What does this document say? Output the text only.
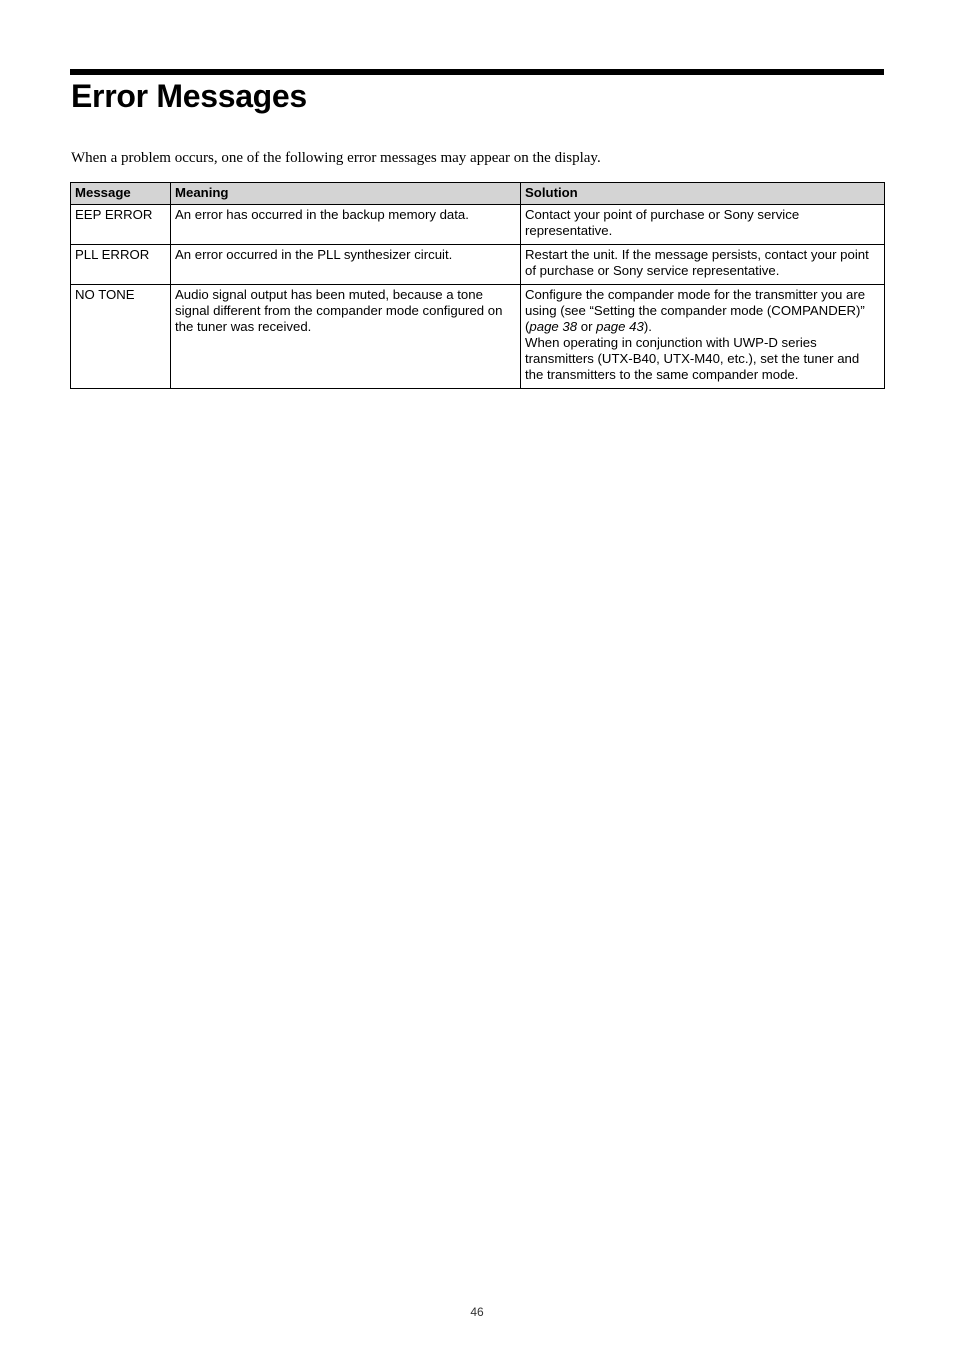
Error Messages

When a problem occurs, one of the following error messages may appear on the display.

Message	Meaning	Solution
EEP ERROR	An error has occurred in the backup memory data.	Contact your point of purchase or Sony service representative.
PLL ERROR	An error occurred in the PLL synthesizer circuit.	Restart the unit. If the message persists, contact your point of purchase or Sony service representative.
NO TONE	Audio signal output has been muted, because a tone signal different from the compander mode configured on the tuner was received.	Configure the compander mode for the transmitter you are using (see “Setting the compander mode (COMPANDER)” (page 38 or page 43).
When operating in conjunction with UWP-D series transmitters (UTX-B40, UTX-M40, etc.), set the tuner and the transmitters to the same compander mode.
46
